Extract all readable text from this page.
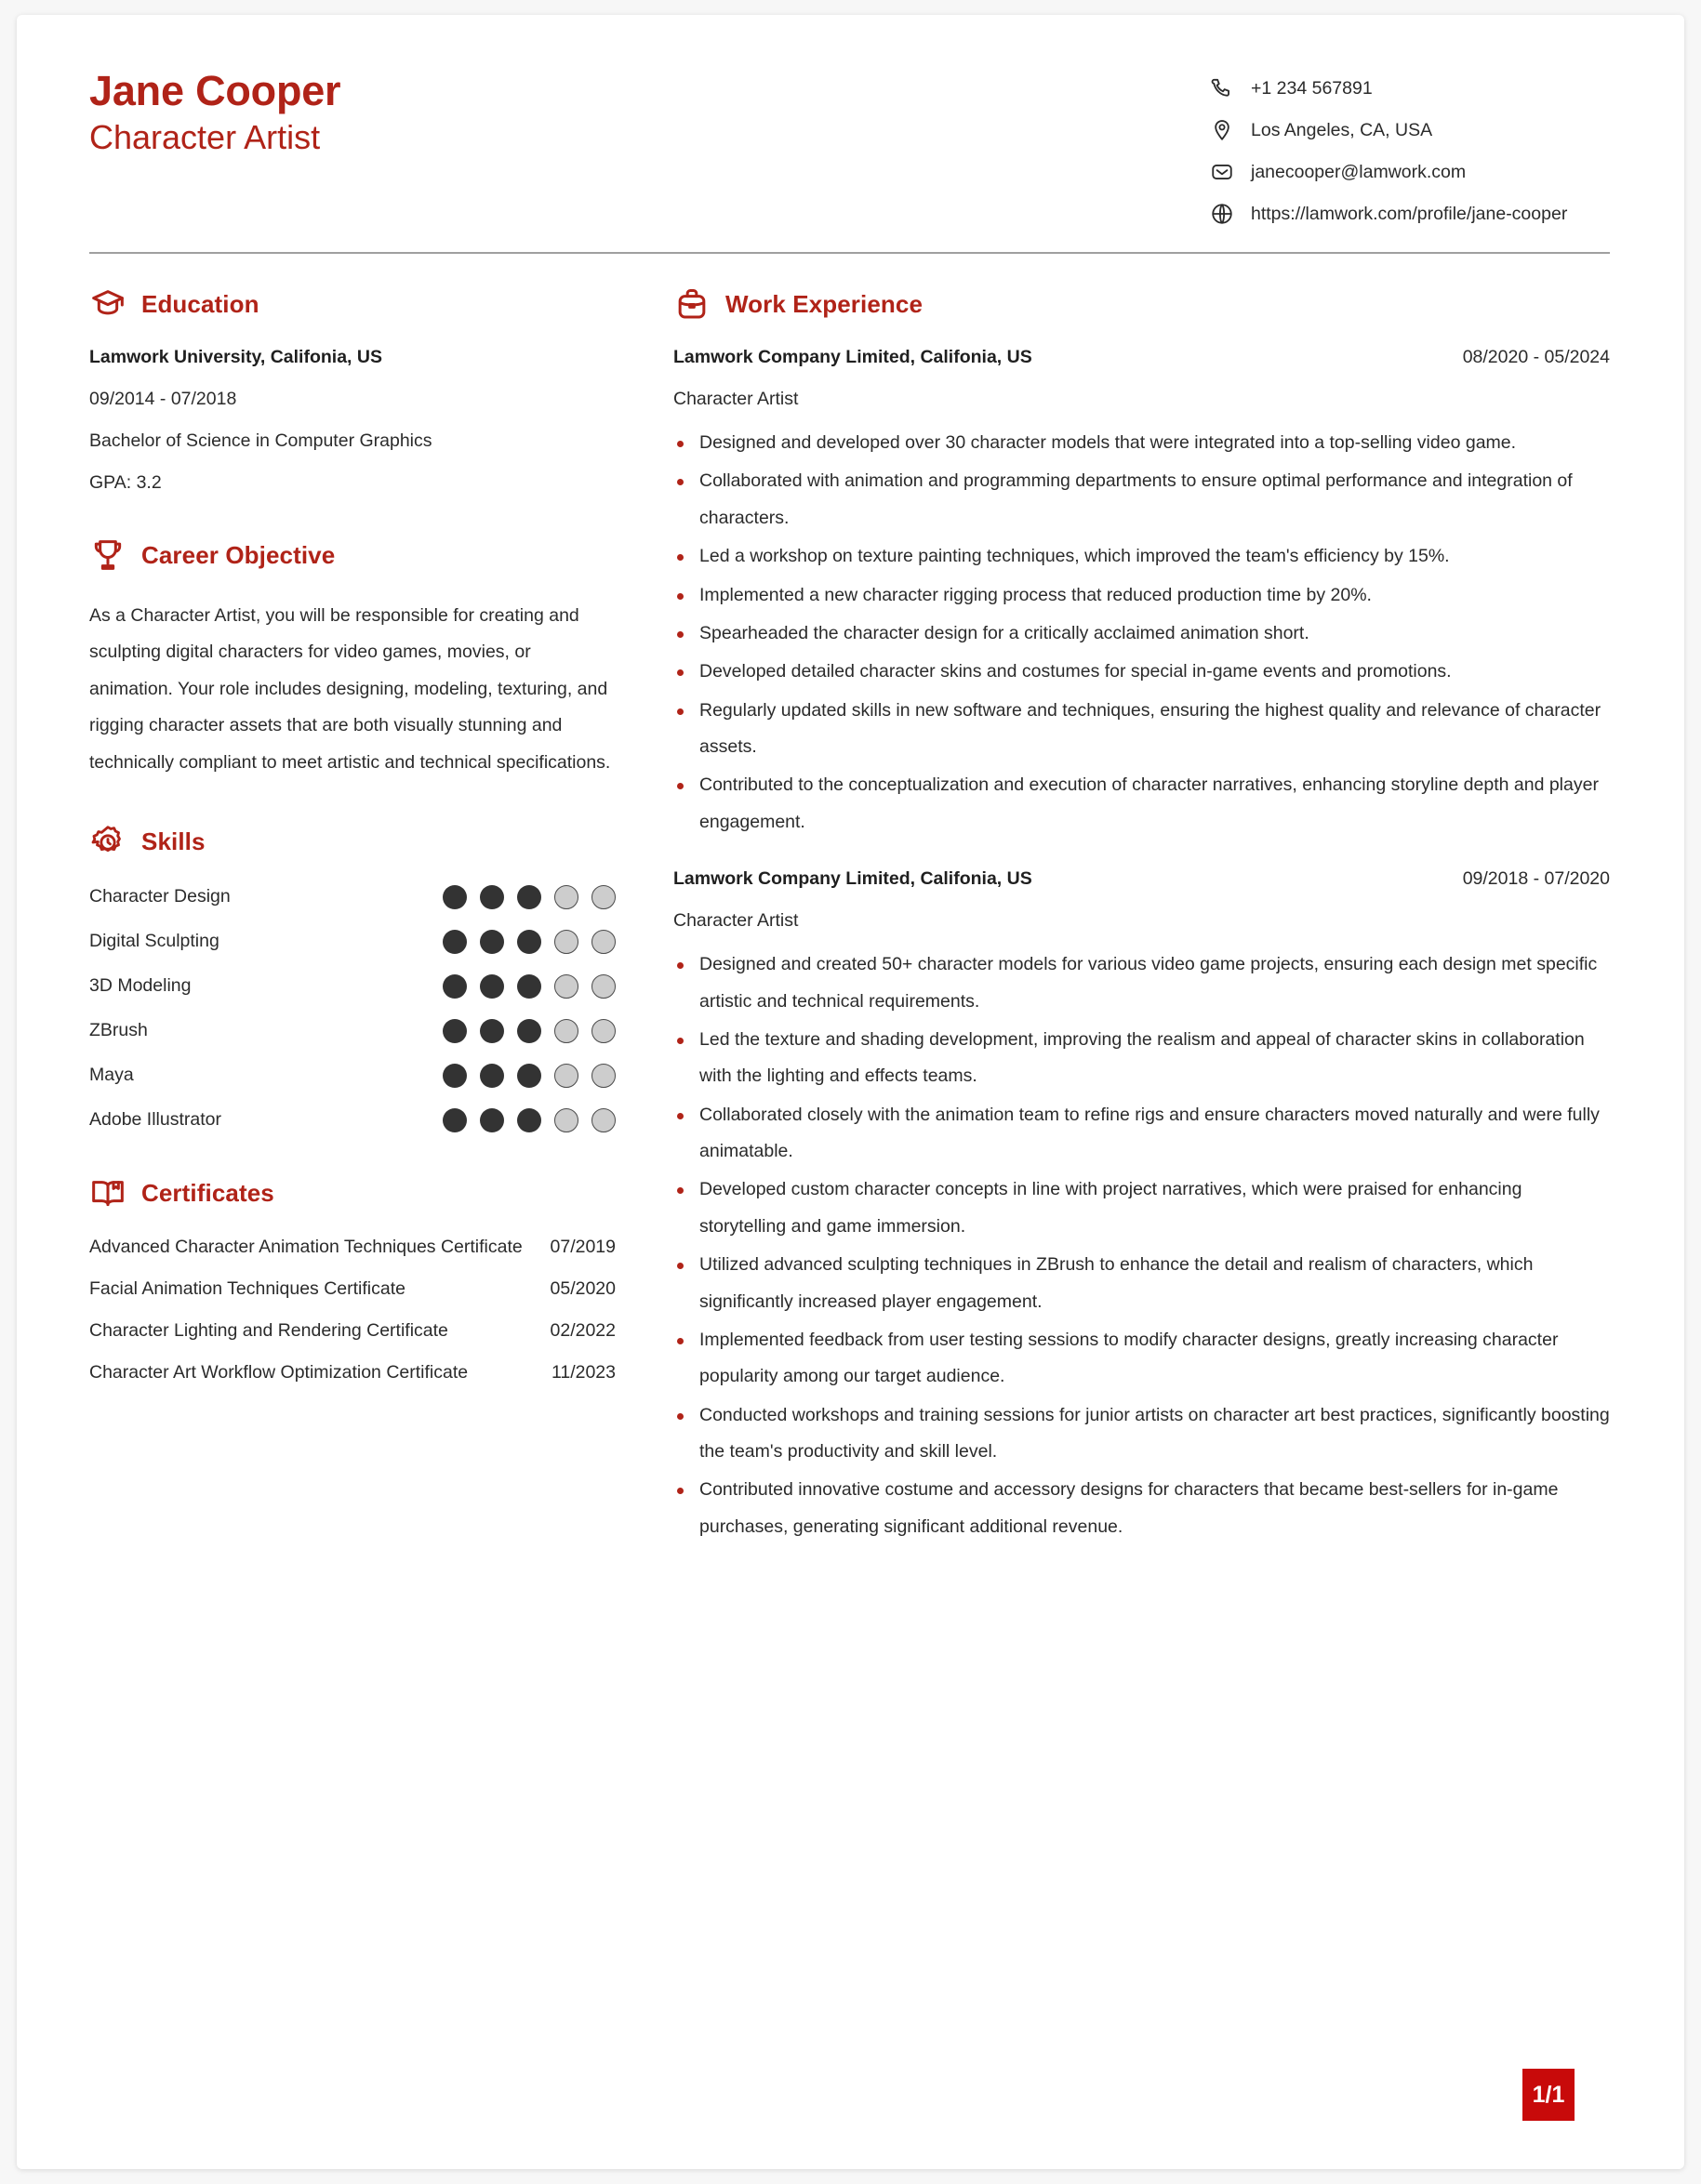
Jane Cooper
Character Artist
+1 234 567891
Los Angeles, CA, USA
janecooper@lamwork.com
https://lamwork.com/profile/jane-cooper
Education
Lamwork University, Califonia, US
09/2014 - 07/2018
Bachelor of Science in Computer Graphics
GPA: 3.2
Career Objective
As a Character Artist, you will be responsible for creating and sculpting digital characters for video games, movies, or animation. Your role includes designing, modeling, texturing, and rigging character assets that are both visually stunning and technically compliant to meet artistic and technical specifications.
Skills
Character Design
Digital Sculpting
3D Modeling
ZBrush
Maya
Adobe Illustrator
Certificates
Advanced Character Animation Techniques Certificate	07/2019
Facial Animation Techniques Certificate	05/2020
Character Lighting and Rendering Certificate	02/2022
Character Art Workflow Optimization Certificate	11/2023
Work Experience
Lamwork Company Limited, Califonia, US	08/2020 - 05/2024
Character Artist
Designed and developed over 30 character models that were integrated into a top-selling video game.
Collaborated with animation and programming departments to ensure optimal performance and integration of characters.
Led a workshop on texture painting techniques, which improved the team's efficiency by 15%.
Implemented a new character rigging process that reduced production time by 20%.
Spearheaded the character design for a critically acclaimed animation short.
Developed detailed character skins and costumes for special in-game events and promotions.
Regularly updated skills in new software and techniques, ensuring the highest quality and relevance of character assets.
Contributed to the conceptualization and execution of character narratives, enhancing storyline depth and player engagement.
Lamwork Company Limited, Califonia, US	09/2018 - 07/2020
Character Artist
Designed and created 50+ character models for various video game projects, ensuring each design met specific artistic and technical requirements.
Led the texture and shading development, improving the realism and appeal of character skins in collaboration with the lighting and effects teams.
Collaborated closely with the animation team to refine rigs and ensure characters moved naturally and were fully animatable.
Developed custom character concepts in line with project narratives, which were praised for enhancing storytelling and game immersion.
Utilized advanced sculpting techniques in ZBrush to enhance the detail and realism of characters, which significantly increased player engagement.
Implemented feedback from user testing sessions to modify character designs, greatly increasing character popularity among our target audience.
Conducted workshops and training sessions for junior artists on character art best practices, significantly boosting the team's productivity and skill level.
Contributed innovative costume and accessory designs for characters that became best-sellers for in-game purchases, generating significant additional revenue.
1/1
